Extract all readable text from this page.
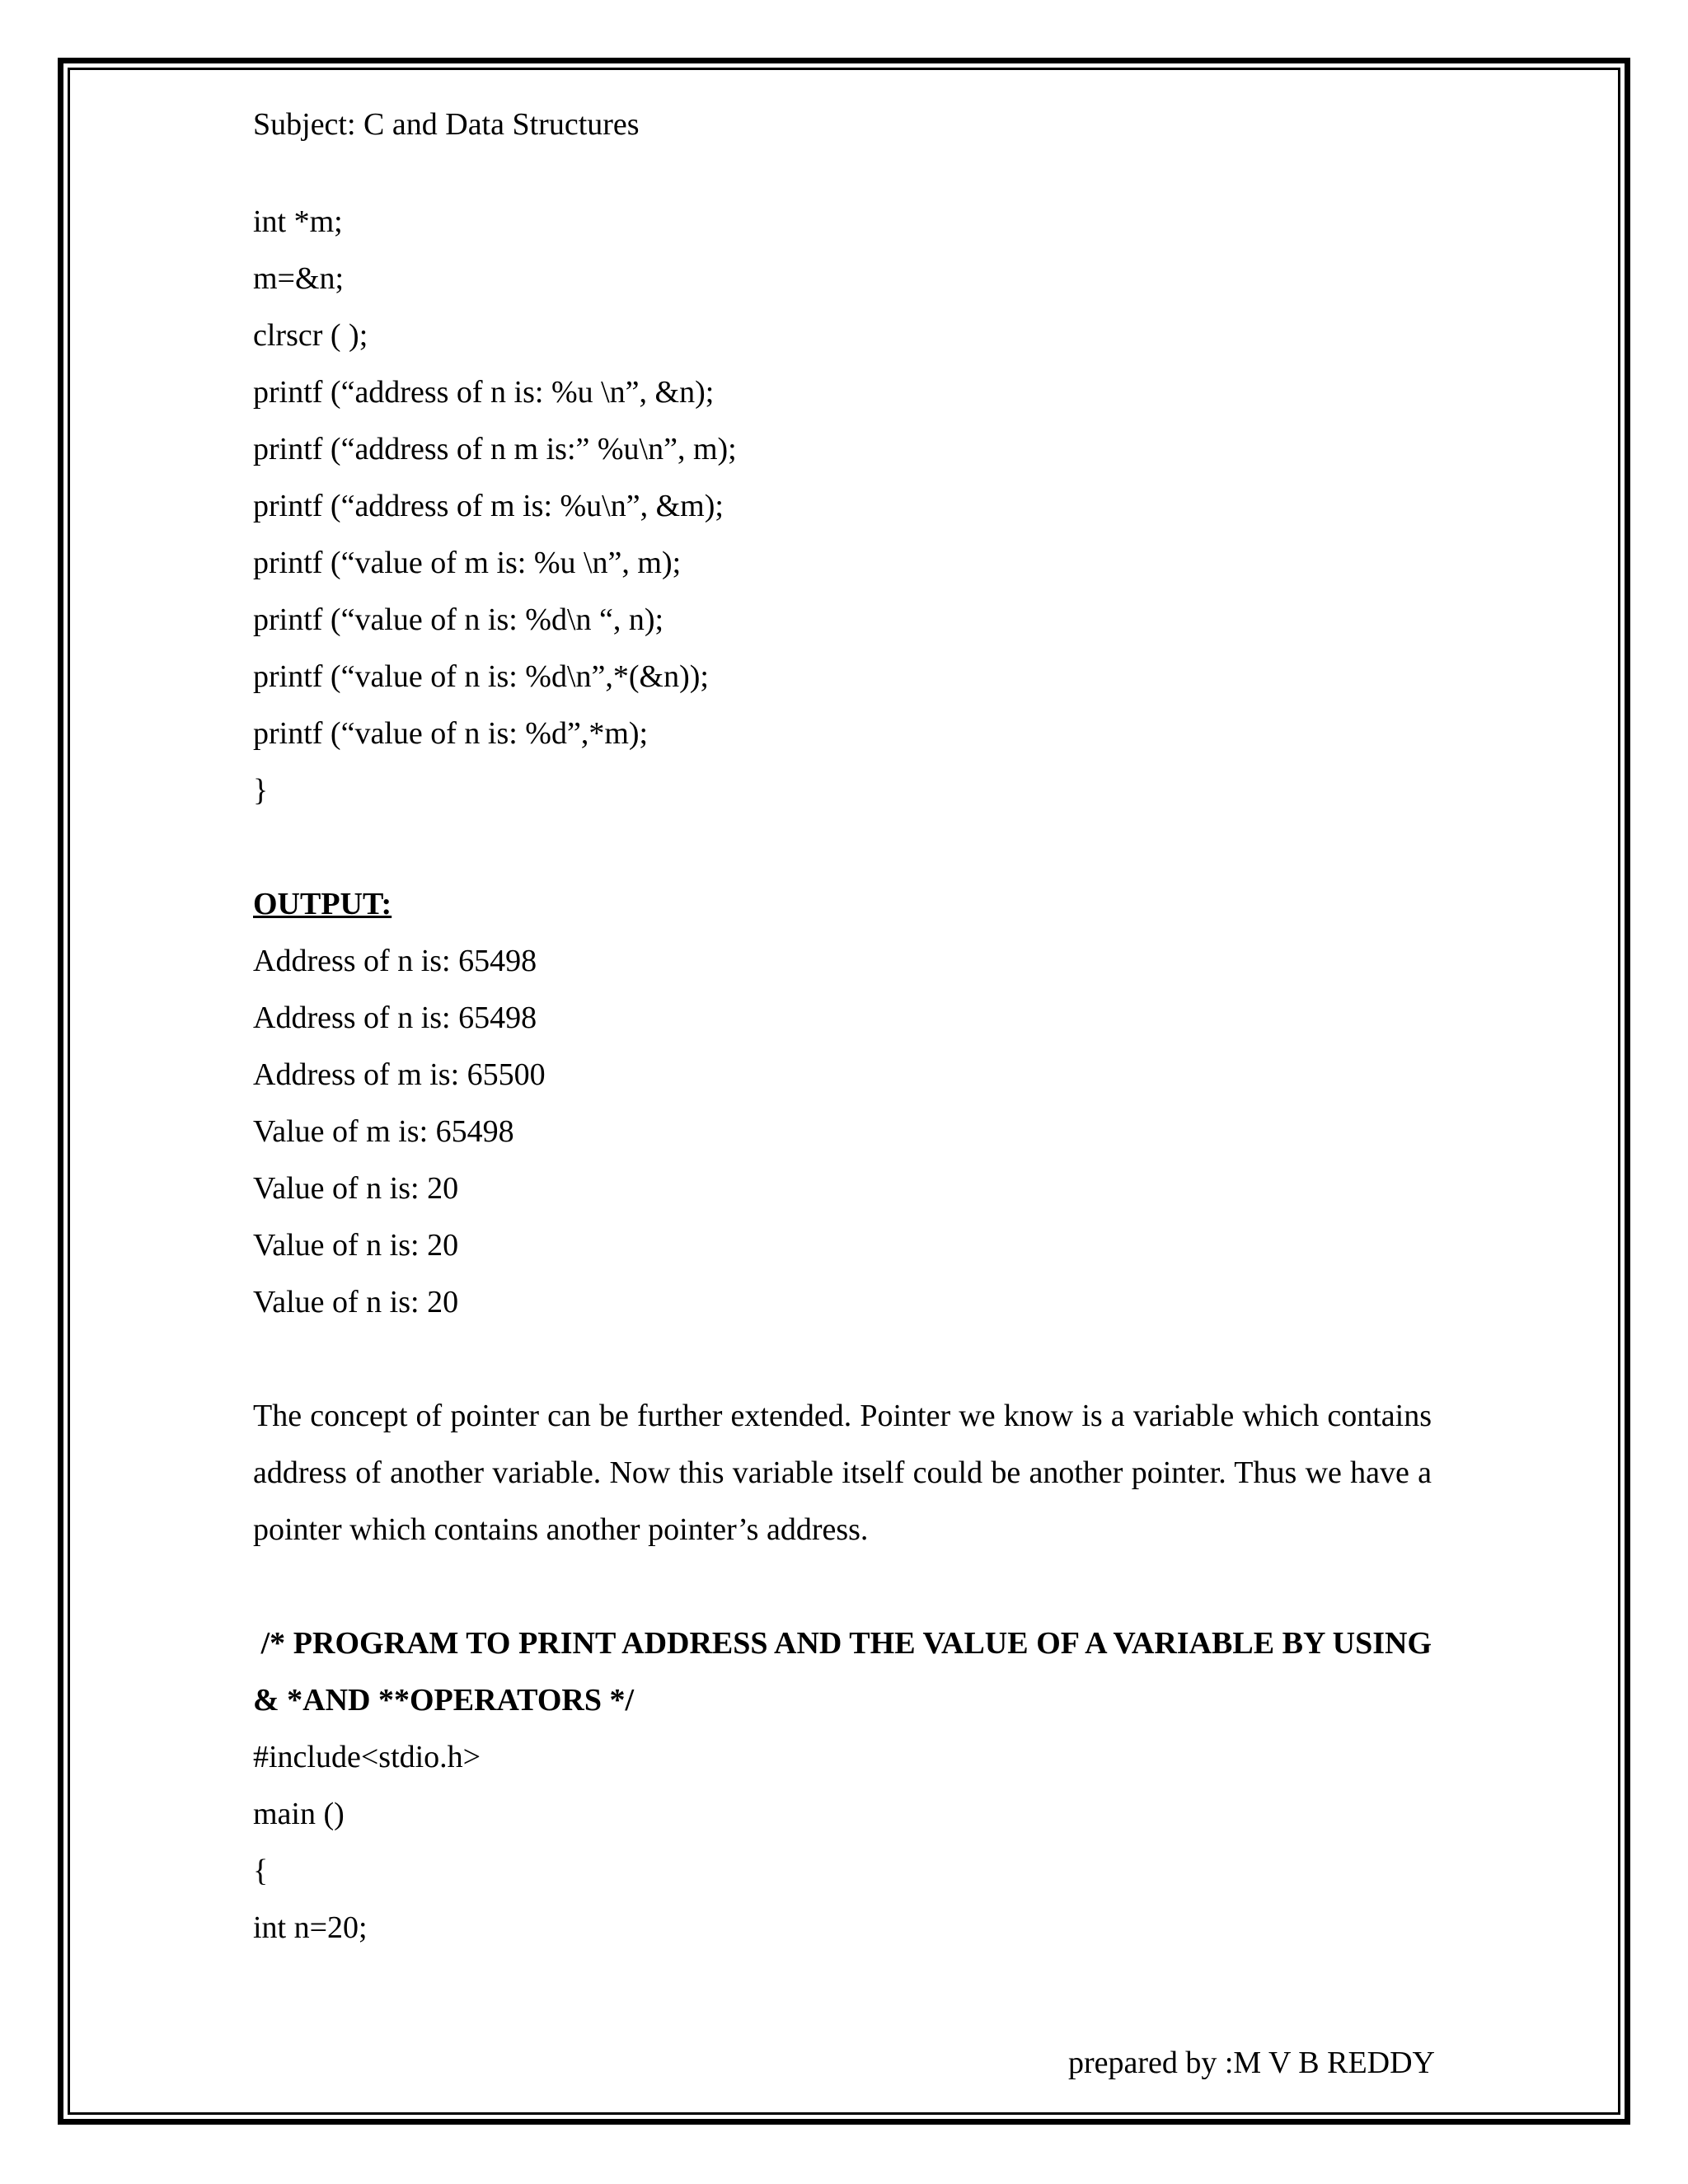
Subject: C and Data Structures
int *m;
m=&n;
clrscr ( );
printf (“address of n is: %u \n”, &n);
printf (“address of n m is:” %u\n”, m);
printf (“address of m is: %u\n”, &m);
printf (“value of m is: %u \n”, m);
printf (“value of n is: %d\n “, n);
printf (“value of n is: %d\n”,*(&n));
printf (“value of n is: %d”,*m);
}
OUTPUT:
Address of n is: 65498
Address of n is: 65498
Address of m is: 65500
Value of m is: 65498
Value of n is: 20
Value of n is: 20
Value of n is: 20
The concept of pointer can be further extended. Pointer we know is a variable which contains address of another variable. Now this variable itself could be another pointer. Thus we have a pointer which contains another pointer’s address.
/* PROGRAM TO PRINT ADDRESS AND THE VALUE OF A VARIABLE BY USING & *AND **OPERATORS */
#include<stdio.h>
main ()
{
int n=20;
prepared by :M V B REDDY
